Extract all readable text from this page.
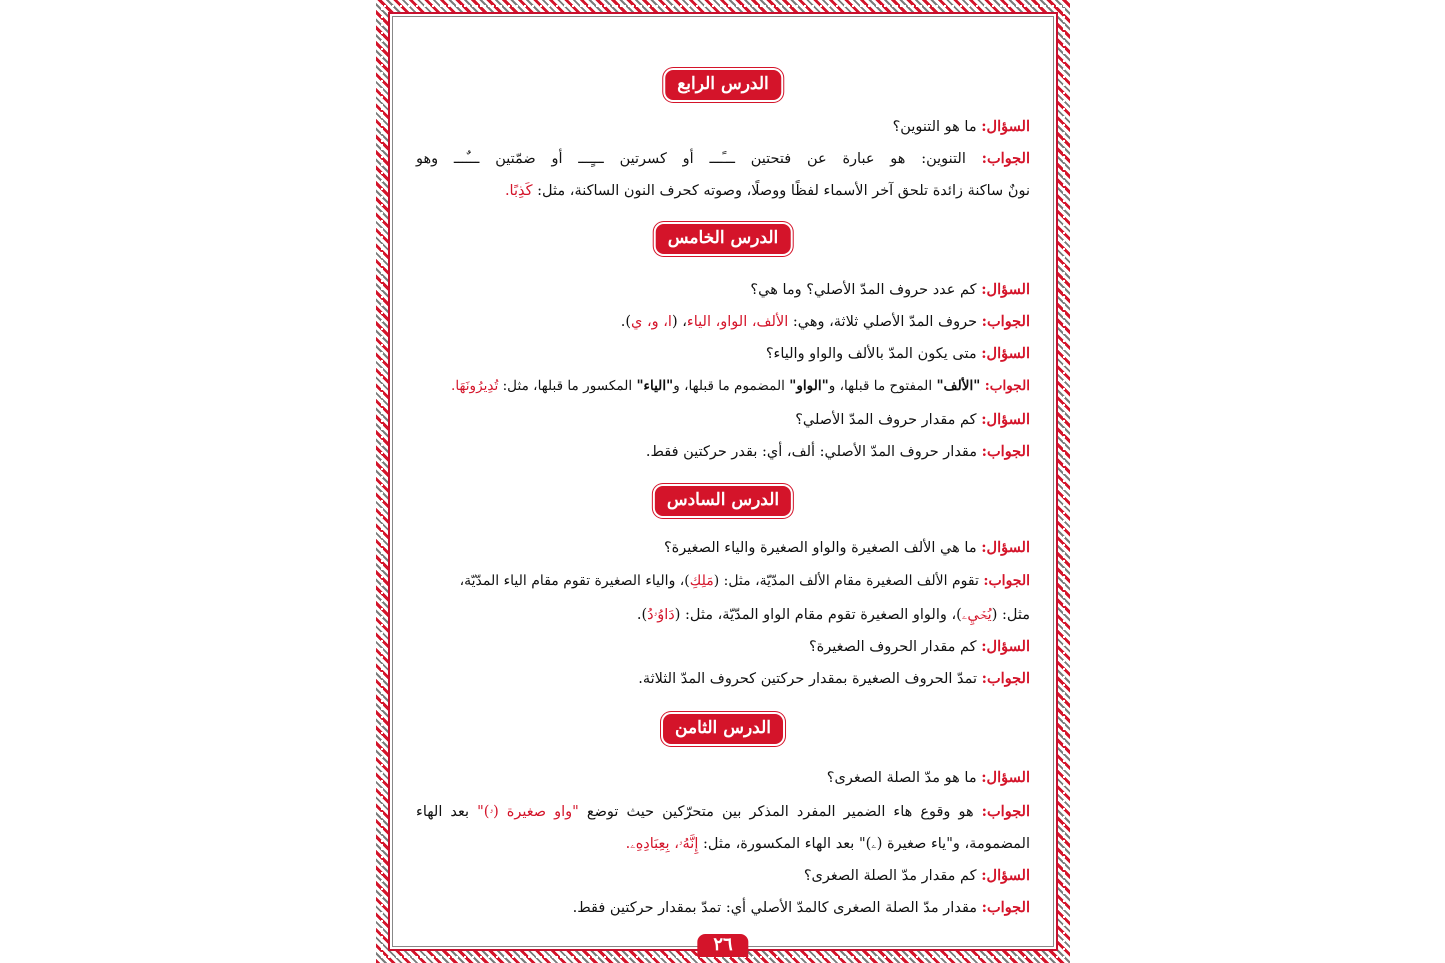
الدرس الرابع
السؤال: ما هو التنوين؟
الجواب: التنوين: هو عبارة عن فتحتين ـــً‍ـــ أو كسرتين ـــٍ‍ـــ أو ضمّتين ـــٌ‍ـــ وهو
نونٌ ساكنة زائدة تلحق آخر الأسماء لفظًا ووصلًا، وصوته كحرف النون الساكنة، مثل: كَذِبًا.
الدرس الخامس
السؤال: كم عدد حروف المدّ الأصلي؟ وما هي؟
الجواب: حروف المدّ الأصلي ثلاثة، وهي: الألف، الواو، الياء، (ا، و، ي).
السؤال: متى يكون المدّ بالألف والواو والياء؟
الجواب: "الألف" المفتوح ما قبلها، و"الواو" المضموم ما قبلها، و"الياء" المكسور ما قبلها، مثل: تُدِيرُونَهَا.
السؤال: كم مقدار حروف المدّ الأصلي؟
الجواب: مقدار حروف المدّ الأصلي: ألف، أي: بقدر حركتين فقط.
الدرس السادس
السؤال: ما هي الألف الصغيرة والواو الصغيرة والياء الصغيرة؟
الجواب: تقوم الألف الصغيرة مقام الألف المدّيّة، مثل: (مَلِكِ)، والياء الصغيرة تقوم مقام الياء المدّيّة،
مثل: (يُحۡيِۦ)، والواو الصغيرة تقوم مقام الواو المدّيّة، مثل: (دَاوُۥدُ).
السؤال: كم مقدار الحروف الصغيرة؟
الجواب: تمدّ الحروف الصغيرة بمقدار حركتين كحروف المدّ الثلاثة.
الدرس الثامن
السؤال: ما هو مدّ الصلة الصغرى؟
الجواب: هو وقوع هاء الضمير المفرد المذكر بين متحرّكين حيث توضع "واو صغيرة (ۥ)" بعد الهاء
المضمومة، و"ياء صغيرة (ۦ)" بعد الهاء المكسورة، مثل: إِنَّهُۥ، بِعِبَادِهِۦ.
السؤال: كم مقدار مدّ الصلة الصغرى؟
الجواب: مقدار مدّ الصلة الصغرى كالمدّ الأصلي أي: تمدّ بمقدار حركتين فقط.
٢٦
